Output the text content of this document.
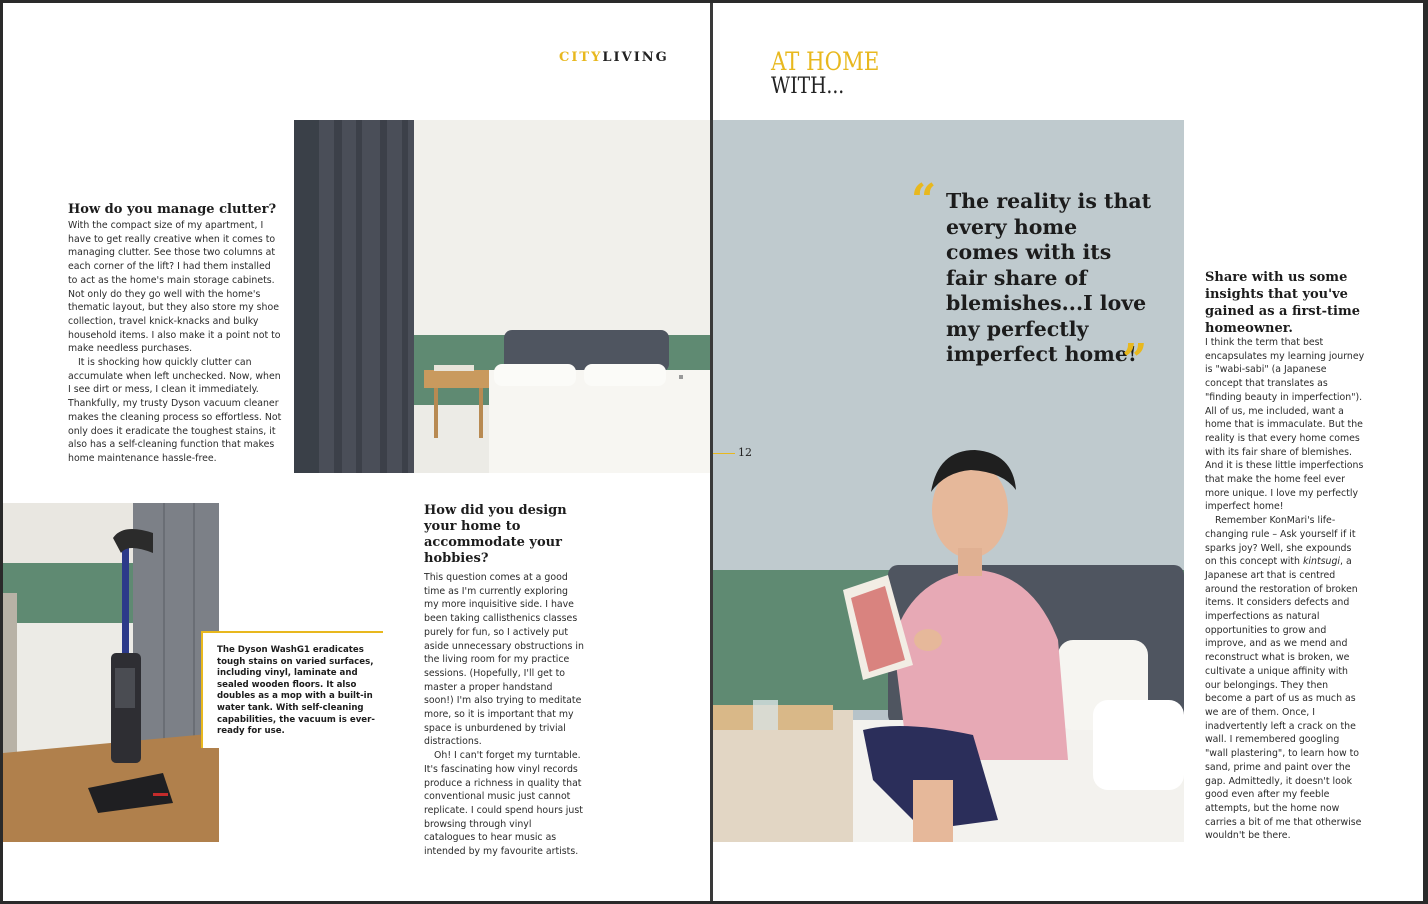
CITYLIVING
How do you manage clutter?

With the compact size of my apartment, I have to get really creative when it comes to managing clutter. See those two columns at each corner of the lift? I had them installed to act as the home's main storage cabinets. Not only do they go well with the home's thematic layout, but they also store my shoe collection, travel knick-knacks and bulky household items. I also make it a point not to make needless purchases.

It is shocking how quickly clutter can accumulate when left unchecked. Now, when I see dirt or mess, I clean it immediately. Thankfully, my trusty Dyson vacuum cleaner makes the cleaning process so effortless. Not only does it eradicate the toughest stains, it also has a self-cleaning function that makes home maintenance hassle-free.

The Dyson WashG1 eradicates tough stains on varied surfaces, including vinyl, laminate and sealed wooden floors. It also doubles as a mop with a built-in water tank. With self-cleaning capabilities, the vacuum is ever-ready for use.
How did you design your home to accommodate your hobbies?

This question comes at a good time as I'm currently exploring my more inquisitive side. I have been taking callisthenics classes purely for fun, so I actively put aside unnecessary obstructions in the living room for my practice sessions. (Hopefully, I'll get to master a proper handstand soon!) I'm also trying to meditate more, so it is important that my space is unburdened by trivial distractions.

Oh! I can't forget my turntable. It's fascinating how vinyl records produce a richness in quality that conventional music just cannot replicate. I could spend hours just browsing through vinyl catalogues to hear music as intended by my favourite artists.

AT HOME
WITH...
“ The reality is that every home comes with its fair share of blemishes...I love my perfectly imperfect home!
”
12
Share with us some insights that you've gained as a first-time homeowner.

I think the term that best encapsulates my learning journey is "wabi-sabi" (a Japanese concept that translates as "finding beauty in imperfection"). All of us, me included, want a home that is immaculate. But the reality is that every home comes with its fair share of blemishes. And it is these little imperfections that make the home feel ever more unique. I love my perfectly imperfect home!

Remember KonMari's life-changing rule – Ask yourself if it sparks joy? Well, she expounds on this concept with kintsugi, a Japanese art that is centred around the restoration of broken items. It considers defects and imperfections as natural opportunities to grow and improve, and as we mend and reconstruct what is broken, we cultivate a unique affinity with our belongings. They then become a part of us as much as we are of them. Once, I inadvertently left a crack on the wall. I remembered googling "wall plastering", to learn how to sand, prime and paint over the gap. Admittedly, it doesn't look good even after my feeble attempts, but the home now carries a bit of me that otherwise wouldn't be there.
